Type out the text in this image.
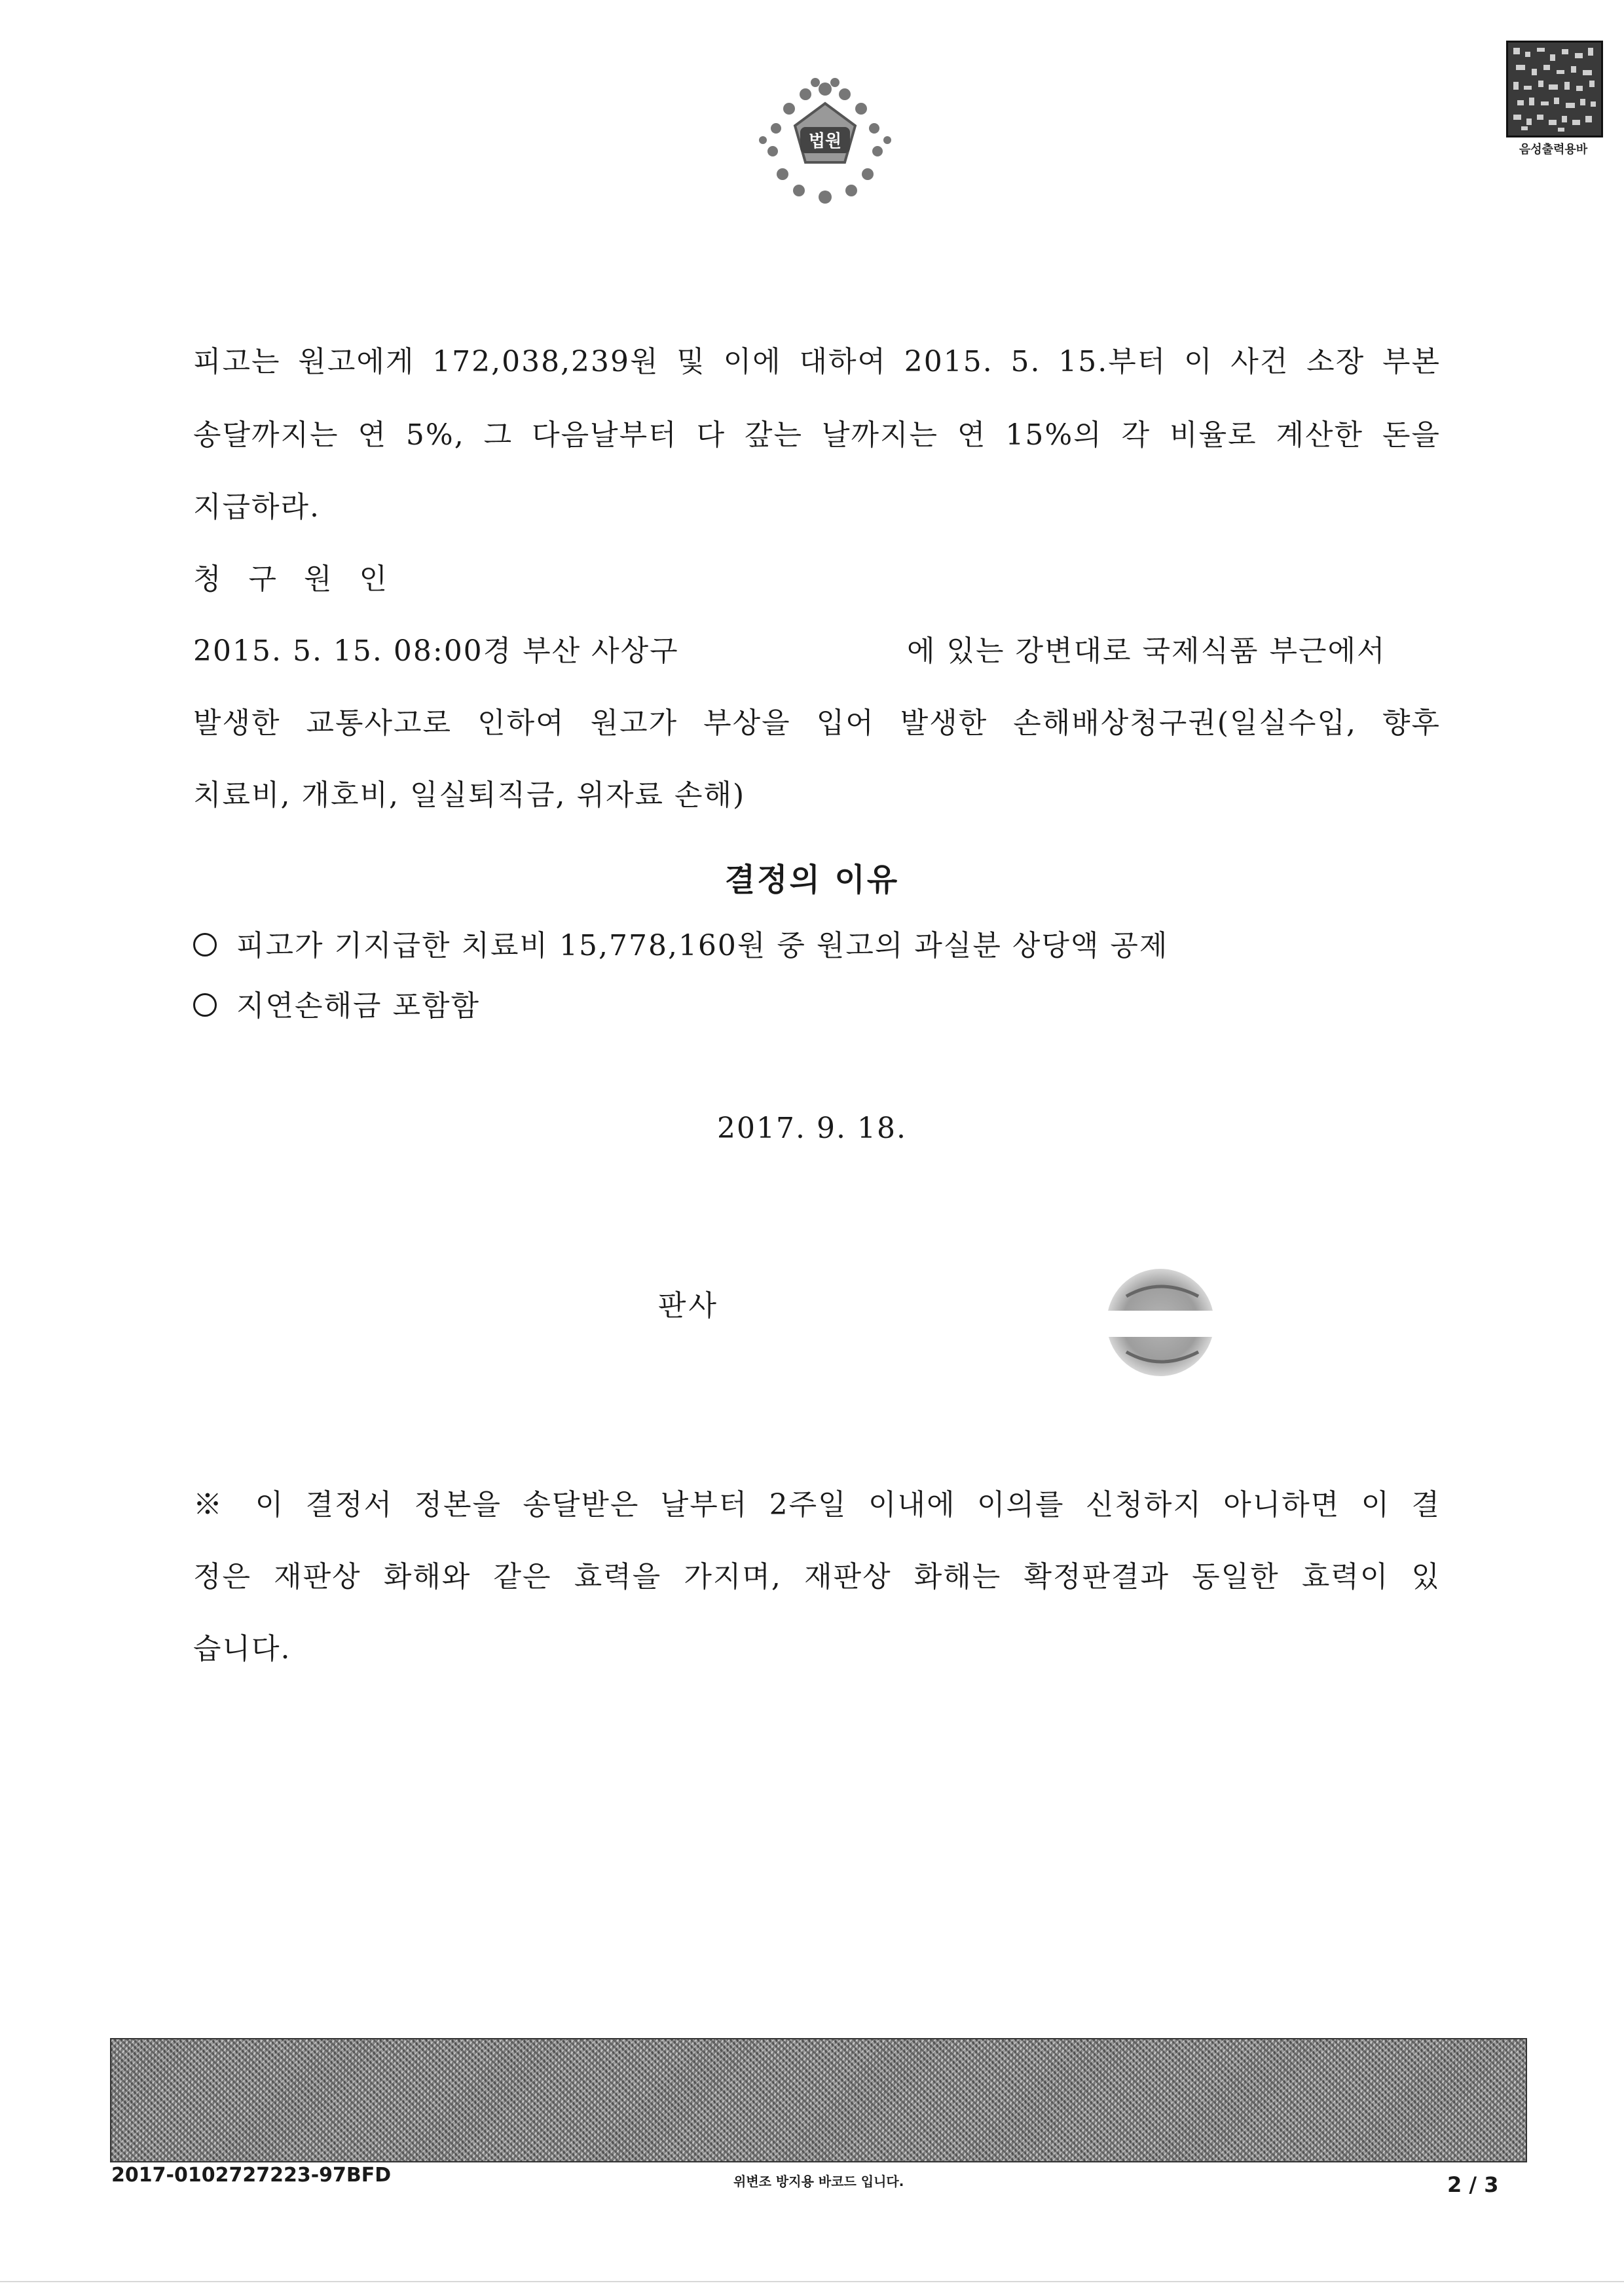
법원	음성출력용바
피고는 원고에게 172,038,239원 및 이에 대하여 2015. 5. 15.부터 이 사건 소장 부본
송달까지는 연 5%, 그 다음날부터 다 갚는 날까지는 연 15%의 각 비율로 계산한 돈을
지급하라.
청 구 원 인
2015. 5. 15. 08:00경 부산 사상구	에 있는 강변대로 국제식품 부근에서
발생한 교통사고로 인하여 원고가 부상을 입어 발생한 손해배상청구권(일실수입, 향후
치료비, 개호비, 일실퇴직금, 위자료 손해)
결정의 이유
피고가 기지급한 치료비 15,778,160원 중 원고의 과실분 상당액 공제
지연손해금 포함함
2017. 9. 18.
판사
※ 이 결정서 정본을 송달받은 날부터 2주일 이내에 이의를 신청하지 아니하면 이 결
정은 재판상 화해와 같은 효력을 가지며, 재판상 화해는 확정판결과 동일한 효력이 있
습니다.
2017-0102727223-97BFD	위변조 방지용 바코드 입니다.	2 / 3
